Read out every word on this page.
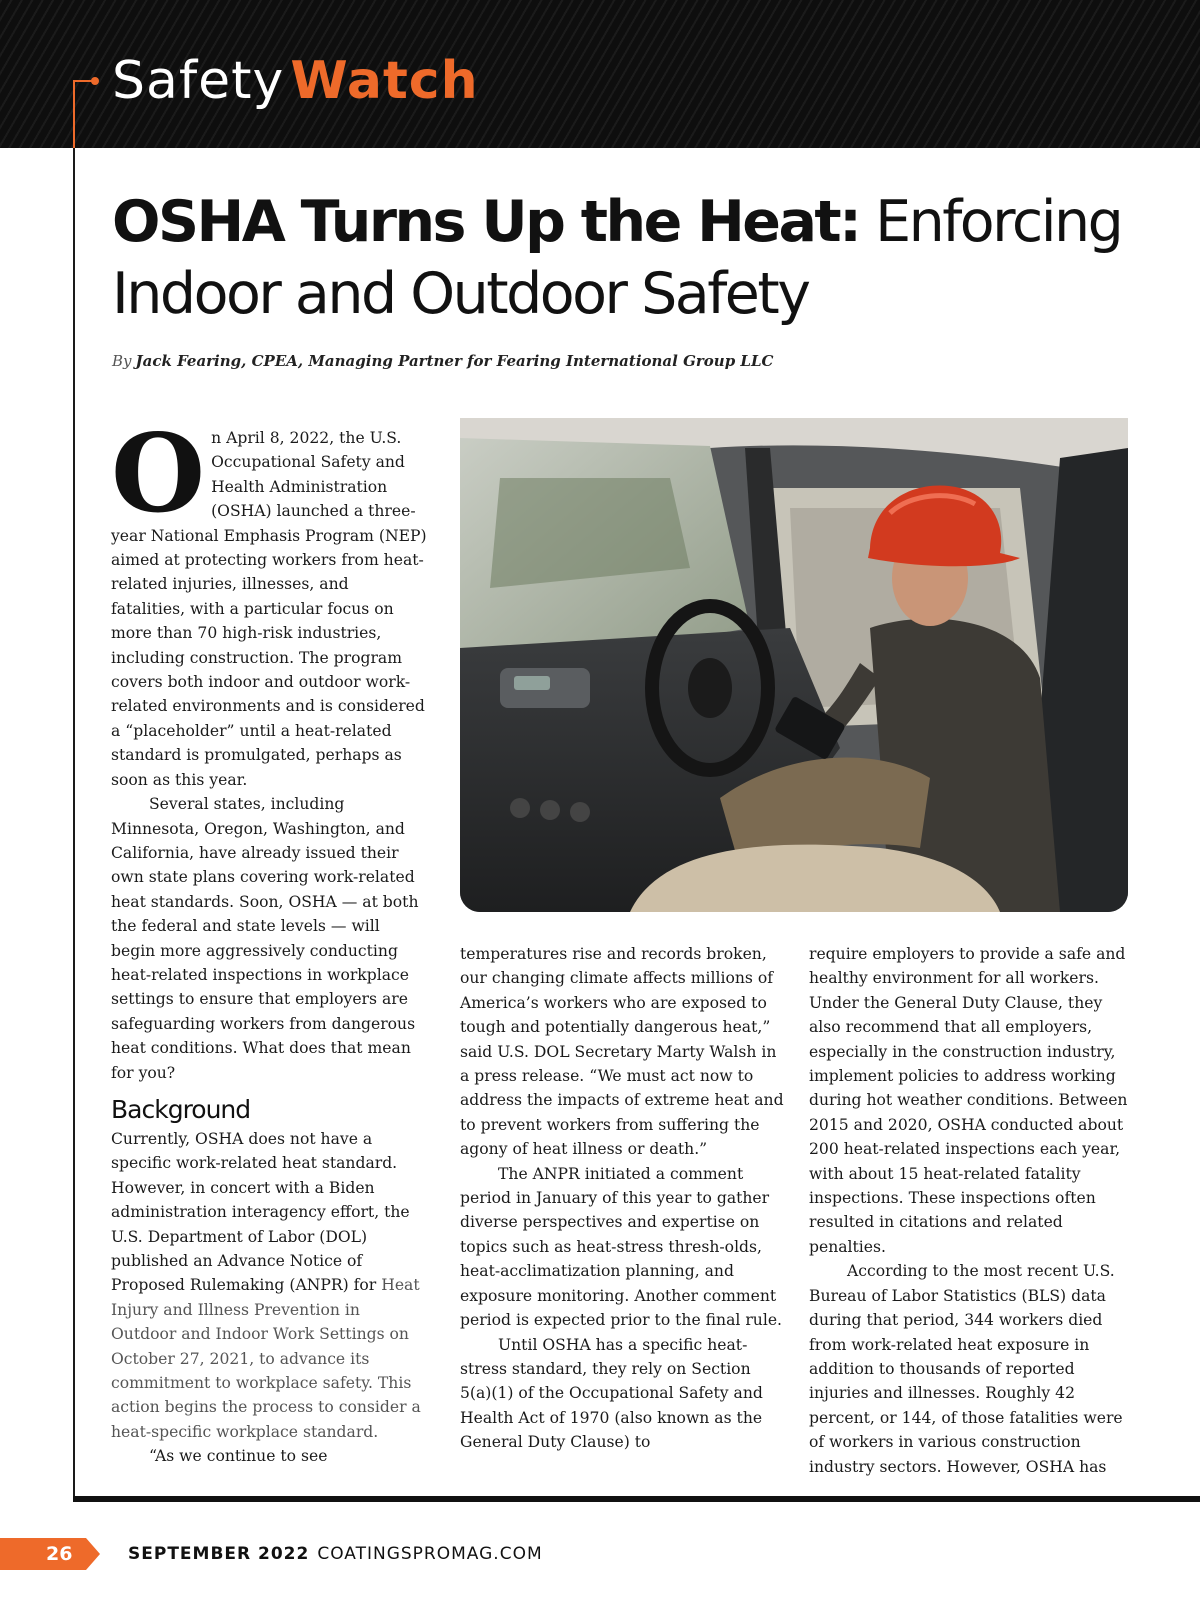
Safety Watch
OSHA Turns Up the Heat: Enforcing Indoor and Outdoor Safety
By Jack Fearing, CPEA, Managing Partner for Fearing International Group LLC
O n April 8, 2022, the U.S. Occupational Safety and Health Administration (OSHA) launched a three-year National Emphasis Program (NEP) aimed at protecting workers from heat-related injuries, illnesses, and fatalities, with a particular focus on more than 70 high-risk industries, including construction. The program covers both indoor and outdoor work-related environments and is considered a “placeholder” until a heat-related standard is promulgated, perhaps as soon as this year.

Several states, including Minnesota, Oregon, Washington, and California, have already issued their own state plans covering work-related heat standards. Soon, OSHA — at both the federal and state levels — will begin more aggressively conducting heat-related inspections in workplace settings to ensure that employers are safeguarding workers from dangerous heat conditions. What does that mean for you?

Background

Currently, OSHA does not have a specific work-related heat standard. However, in concert with a Biden administration interagency effort, the U.S. Department of Labor (DOL) published an Advance Notice of Proposed Rulemaking (ANPR) for Heat Injury and Illness Prevention in Outdoor and Indoor Work Settings on October 27, 2021, to advance its commitment to workplace safety. This action begins the process to consider a heat-specific workplace standard.

“As we continue to see

temperatures rise and records broken, our changing climate affects millions of America’s workers who are exposed to tough and potentially dangerous heat,” said U.S. DOL Secretary Marty Walsh in a press release. “We must act now to address the impacts of extreme heat and to prevent workers from suffering the agony of heat illness or death.”

The ANPR initiated a comment period in January of this year to gather diverse perspectives and expertise on topics such as heat-stress thresh-olds, heat-acclimatization planning, and exposure monitoring. Another comment period is expected prior to the final rule.

Until OSHA has a specific heat-stress standard, they rely on Section 5(a)(1) of the Occupational Safety and Health Act of 1970 (also known as the General Duty Clause) to

require employers to provide a safe and healthy environment for all workers. Under the General Duty Clause, they also recommend that all employers, especially in the construction industry, implement policies to address working during hot weather conditions. Between 2015 and 2020, OSHA conducted about 200 heat-related inspections each year, with about 15 heat-related fatality inspections. These inspections often resulted in citations and related penalties.

According to the most recent U.S. Bureau of Labor Statistics (BLS) data during that period, 344 workers died from work-related heat exposure in addition to thousands of reported injuries and illnesses. Roughly 42 percent, or 144, of those fatalities were of workers in various construction industry sectors. However, OSHA has

26	SEPTEMBER 2022 COATINGSPROMAG.COM
